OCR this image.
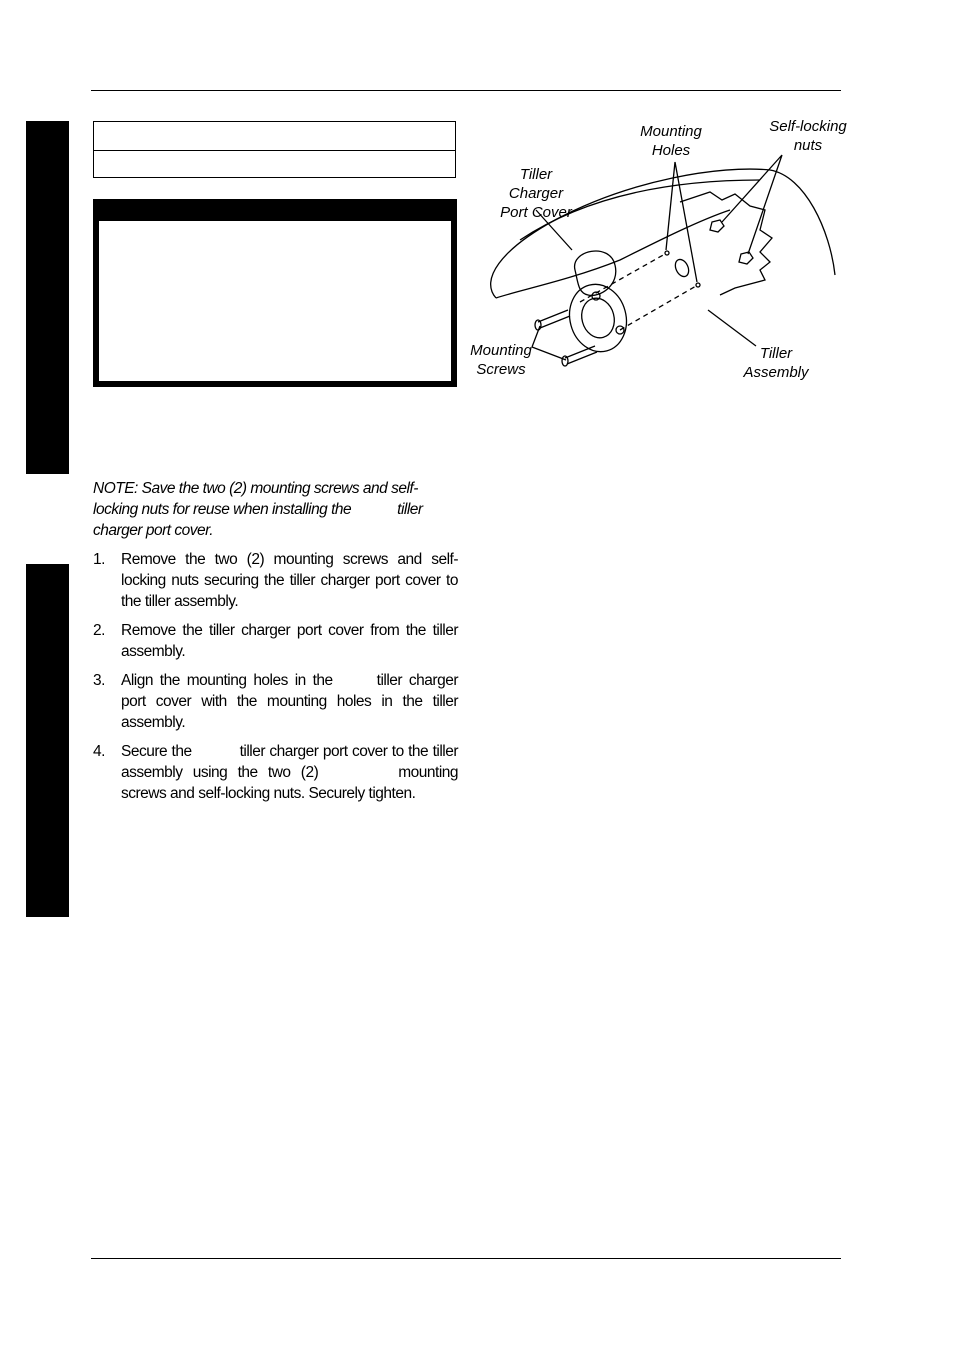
NOTE: Save the two (2) mounting screws and self-locking nuts for reuse when installing the	tiller charger port cover.
1. Remove the two (2) mounting screws and self-locking nuts securing the tiller charger port cover to the tiller assembly.
2. Remove the tiller charger port cover from the tiller assembly.
3. Align the mounting holes in the	tiller charger port cover with the mounting holes in the tiller assembly.
4. Secure the	tiller charger port cover to the tiller assembly using the two (2)	mounting screws and self-locking nuts. Securely tighten.
Mounting Holes
Self-locking nuts
Tiller Charger Port Cover
Mounting Screws
Tiller Assembly
